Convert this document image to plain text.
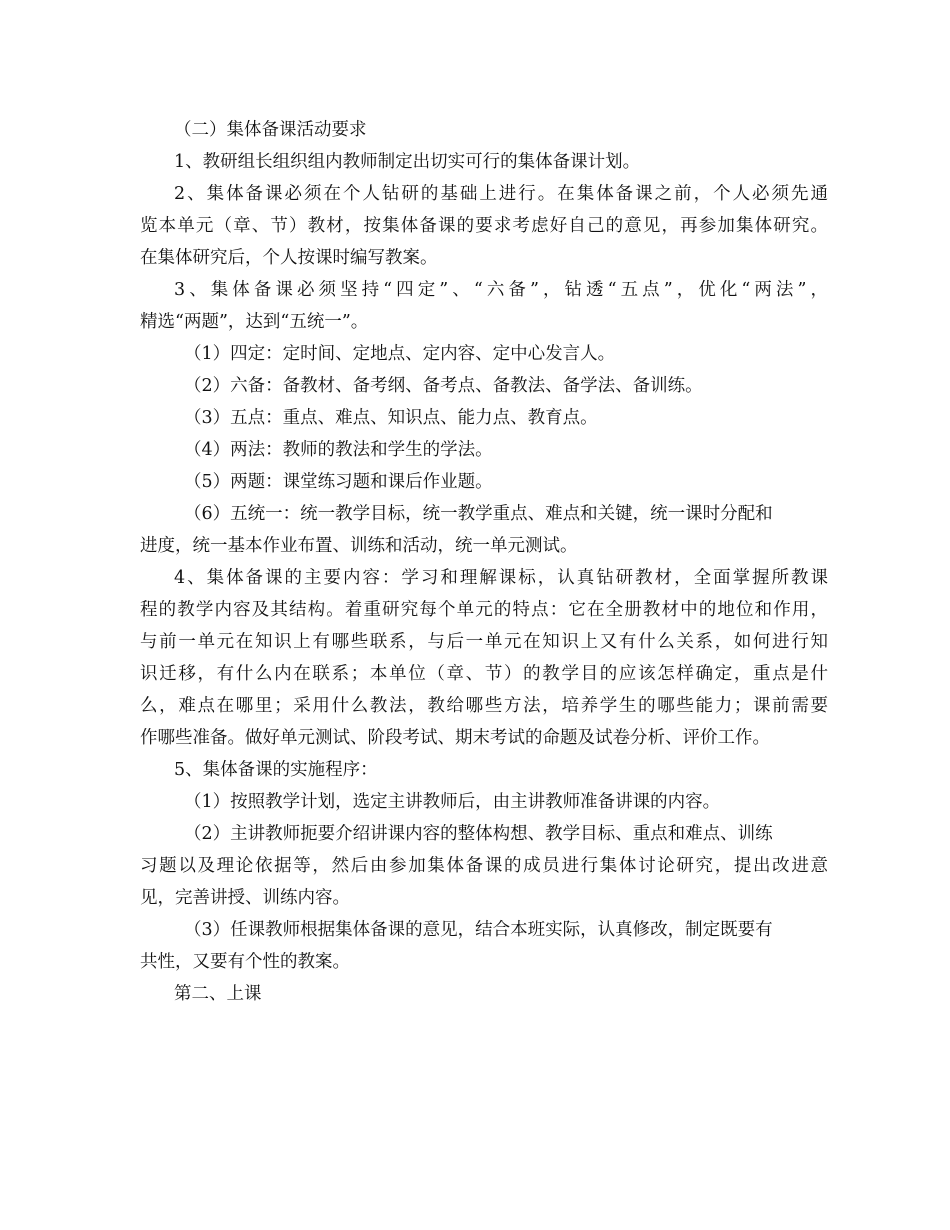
（二）集体备课活动要求
1、教研组长组织组内教师制定出切实可行的集体备课计划。
2、集体备课必须在个人钻研的基础上进行。在集体备课之前，个人必须先通
览本单元（章、节）教材，按集体备课的要求考虑好自己的意见，再参加集体研究。
在集体研究后，个人按课时编写教案。
3、集体备课必须坚持“四定”、“六备”，钻透“五点”，优化“两法”，
精选“两题”，达到“五统一”。
（1）四定：定时间、定地点、定内容、定中心发言人。
（2）六备：备教材、备考纲、备考点、备教法、备学法、备训练。
（3）五点：重点、难点、知识点、能力点、教育点。
（4）两法：教师的教法和学生的学法。
（5）两题：课堂练习题和课后作业题。
（6）五统一：统一教学目标，统一教学重点、难点和关键，统一课时分配和
进度，统一基本作业布置、训练和活动，统一单元测试。
4、集体备课的主要内容：学习和理解课标，认真钻研教材，全面掌握所教课
程的教学内容及其结构。着重研究每个单元的特点：它在全册教材中的地位和作用，
与前一单元在知识上有哪些联系，与后一单元在知识上又有什么关系，如何进行知
识迁移，有什么内在联系；本单位（章、节）的教学目的应该怎样确定，重点是什
么，难点在哪里；采用什么教法，教给哪些方法，培养学生的哪些能力；课前需要
作哪些准备。做好单元测试、阶段考试、期末考试的命题及试卷分析、评价工作。
5、集体备课的实施程序：
（1）按照教学计划，选定主讲教师后，由主讲教师准备讲课的内容。
（2）主讲教师扼要介绍讲课内容的整体构想、教学目标、重点和难点、训练
习题以及理论依据等，然后由参加集体备课的成员进行集体讨论研究，提出改进意
见，完善讲授、训练内容。
（3）任课教师根据集体备课的意见，结合本班实际，认真修改，制定既要有
共性，又要有个性的教案。
第二、上课
